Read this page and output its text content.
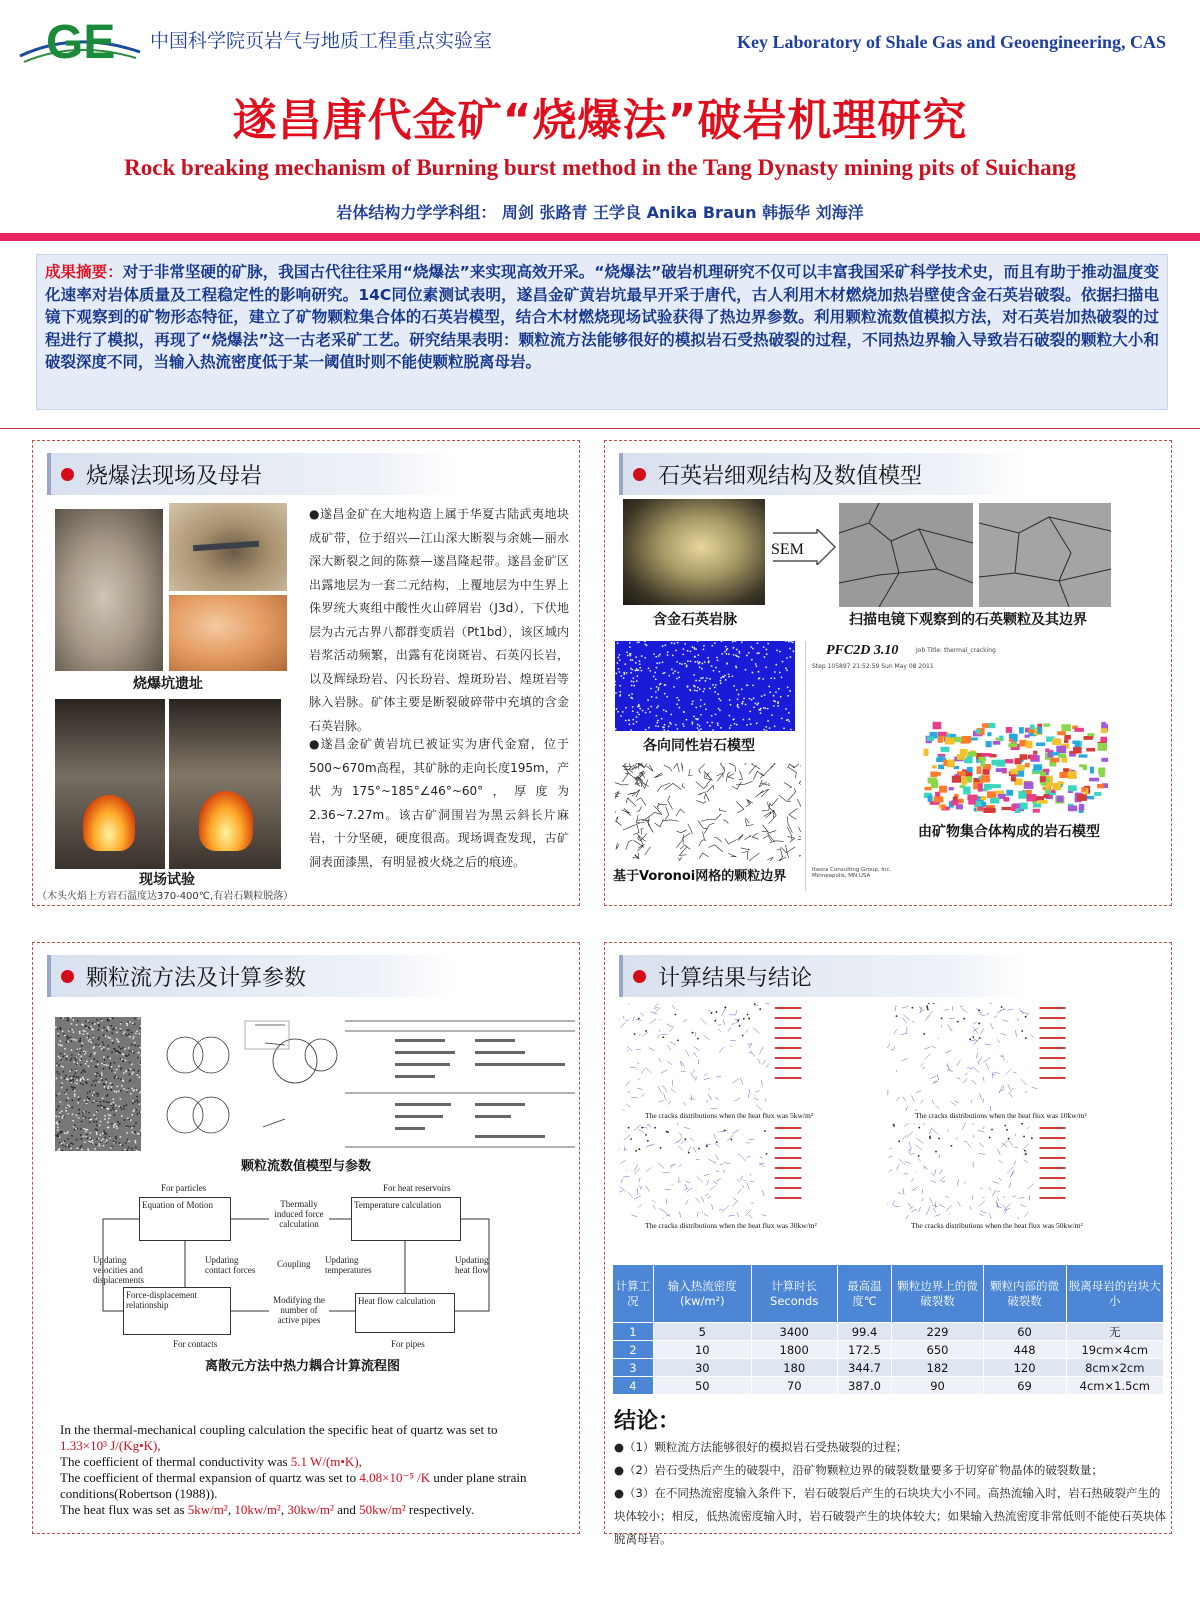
GE 中国科学院页岩气与地质工程重点实验室	Key Laboratory of Shale Gas and Geoengineering, CAS
遂昌唐代金矿“烧爆法”破岩机理研究
Rock breaking mechanism of Burning burst method in the Tang Dynasty mining pits of Suichang
岩体结构力学学科组： 周剑 张路青 王学良 Anika Braun 韩振华 刘海洋
成果摘要：对于非常坚硬的矿脉，我国古代往往采用“烧爆法”来实现高效开采。“烧爆法”破岩机理研究不仅可以丰富我国采矿科学技术史，而且有助于推动温度变化速率对岩体质量及工程稳定性的影响研究。14C同位素测试表明，遂昌金矿黄岩坑最早开采于唐代，古人利用木材燃烧加热岩壁使含金石英岩破裂。依据扫描电镜下观察到的矿物形态特征，建立了矿物颗粒集合体的石英岩模型，结合木材燃烧现场试验获得了热边界参数。利用颗粒流数值模拟方法，对石英岩加热破裂的过程进行了模拟，再现了“烧爆法”这一古老采矿工艺。研究结果表明：颗粒流方法能够很好的模拟岩石受热破裂的过程，不同热边界输入导致岩石破裂的颗粒大小和破裂深度不同，当输入热流密度低于某一阈值时则不能使颗粒脱离母岩。
烧爆法现场及母岩
烧爆坑遗址
现场试验
（木头火焰上方岩石温度达370-400℃,有岩石颗粒脱落）
●遂昌金矿在大地构造上属于华夏古陆武夷地块成矿带，位于绍兴—江山深大断裂与余姚—丽水深大断裂之间的陈蔡—遂昌隆起带。遂昌金矿区出露地层为一套二元结构，上覆地层为中生界上侏罗统大爽组中酸性火山碎屑岩（J3d），下伏地层为古元古界八都群变质岩（Pt1bd），该区域内岩浆活动频繁，出露有花岗斑岩、石英闪长岩，以及辉绿玢岩、闪长玢岩、煌斑玢岩、煌斑岩等脉入岩脉。矿体主要是断裂破碎带中充填的含金石英岩脉。
●遂昌金矿黄岩坑已被证实为唐代金窟，位于500~670m高程，其矿脉的走向长度195m，产状为175°~185°∠46°~60°，厚度为2.36~7.27m。该古矿洞围岩为黑云斜长片麻岩，十分坚硬，硬度很高。现场调查发现，古矿洞表面漆黑，有明显被火烧之后的痕迹。
石英岩细观结构及数值模型
SEM
含金石英岩脉	扫描电镜下观察到的石英颗粒及其边界
各向同性岩石模型
基于Voronoi网格的颗粒边界
PFC2D 3.10
Step 105897 21:52:59 Sun May 08 2011
Job Title: thermal_cracking
由矿物集合体构成的岩石模型
Itasca Consulting Group, Inc. Minneapolis, MN USA
颗粒流方法及计算参数
颗粒流数值模型与参数
For particles	For heat reservoirs
Equation of Motion	Temperature calculation
Thermally induced force calculation
Updating velocities and displacements
Updating contact forces
Coupling Updating temperatures
Updating heat flow
Force-displacement relationship	Heat flow calculation
Modifying the number of active pipes
For contacts	For pipes
离散元方法中热力耦合计算流程图
In the thermal-mechanical coupling calculation the specific heat of quartz was set to
1.33×10³ J/(Kg•K),
The coefficient of thermal conductivity was 5.1 W/(m•K),
The coefficient of thermal expansion of quartz was set to 4.08×10⁻⁵ /K under plane strain conditions(Robertson (1988)).
The heat flux was set as 5kw/m², 10kw/m², 30kw/m² and 50kw/m² respectively.
计算结果与结论
The cracks distributions when the heat flux was 5kw/m²	The cracks distributions when the heat flux was 10kw/m²
The cracks distributions when the heat flux was 30kw/m²	The cracks distributions when the heat flux was 50kw/m²
计算工况	输入热流密度(kw/m²)	计算时长Seconds	最高温度℃	颗粒边界上的微破裂数	颗粒内部的微破裂数	脱离母岩的岩块大小
1	5	3400	99.4	229	60	无
2	10	1800	172.5	650	448	19cm×4cm
3	30	180	344.7	182	120	8cm×2cm
4	50	70	387.0	90	69	4cm×1.5cm
结论：
●（1）颗粒流方法能够很好的模拟岩石受热破裂的过程；
●（2）岩石受热后产生的破裂中，沿矿物颗粒边界的破裂数量要多于切穿矿物晶体的破裂数量；
●（3）在不同热流密度输入条件下，岩石破裂后产生的石块块大小不同。高热流输入时，岩石热破裂产生的块体较小；相反，低热流密度输入时，岩石破裂产生的块体较大；如果输入热流密度非常低则不能使石英块体脱离母岩。
